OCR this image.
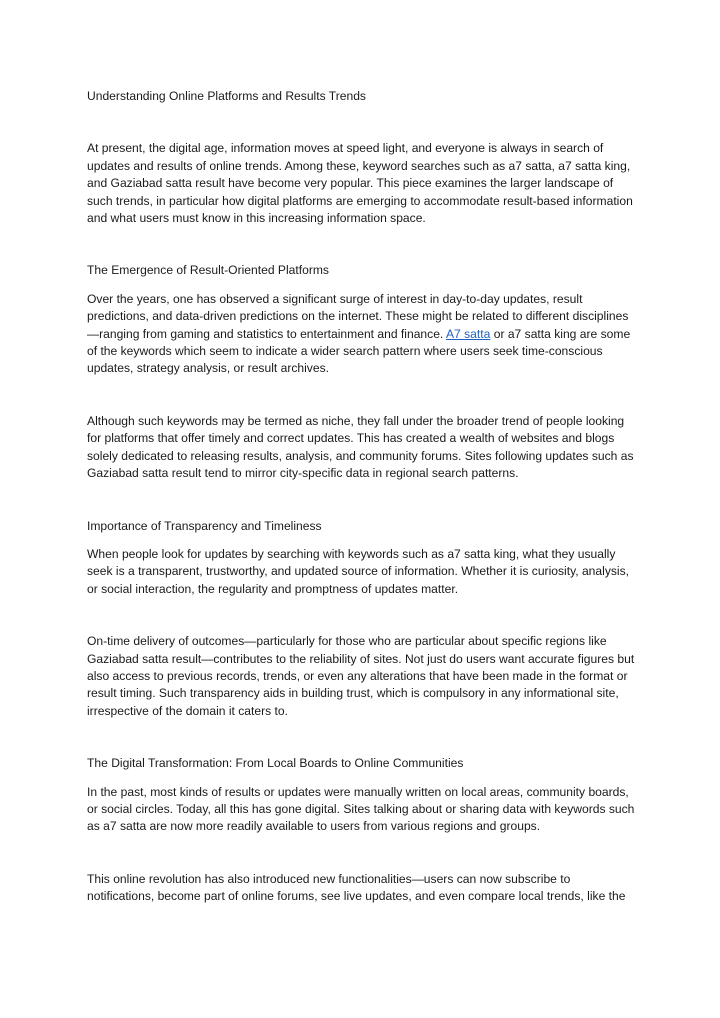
Understanding Online Platforms and Results Trends

At present, the digital age, information moves at speed light, and everyone is always in search of updates and results of online trends. Among these, keyword searches such as a7 satta, a7 satta king, and Gaziabad satta result have become very popular. This piece examines the larger landscape of such trends, in particular how digital platforms are emerging to accommodate result-based information and what users must know in this increasing information space.

The Emergence of Result-Oriented Platforms

Over the years, one has observed a significant surge of interest in day-to-day updates, result predictions, and data-driven predictions on the internet. These might be related to different disciplines—ranging from gaming and statistics to entertainment and finance. A7 satta or a7 satta king are some of the keywords which seem to indicate a wider search pattern where users seek time-conscious updates, strategy analysis, or result archives.

Although such keywords may be termed as niche, they fall under the broader trend of people looking for platforms that offer timely and correct updates. This has created a wealth of websites and blogs solely dedicated to releasing results, analysis, and community forums. Sites following updates such as Gaziabad satta result tend to mirror city-specific data in regional search patterns.

Importance of Transparency and Timeliness

When people look for updates by searching with keywords such as a7 satta king, what they usually seek is a transparent, trustworthy, and updated source of information. Whether it is curiosity, analysis, or social interaction, the regularity and promptness of updates matter.

On-time delivery of outcomes—particularly for those who are particular about specific regions like Gaziabad satta result—contributes to the reliability of sites. Not just do users want accurate figures but also access to previous records, trends, or even any alterations that have been made in the format or result timing. Such transparency aids in building trust, which is compulsory in any informational site, irrespective of the domain it caters to.

The Digital Transformation: From Local Boards to Online Communities

In the past, most kinds of results or updates were manually written on local areas, community boards, or social circles. Today, all this has gone digital. Sites talking about or sharing data with keywords such as a7 satta are now more readily available to users from various regions and groups.

This online revolution has also introduced new functionalities—users can now subscribe to notifications, become part of online forums, see live updates, and even compare local trends, like the
